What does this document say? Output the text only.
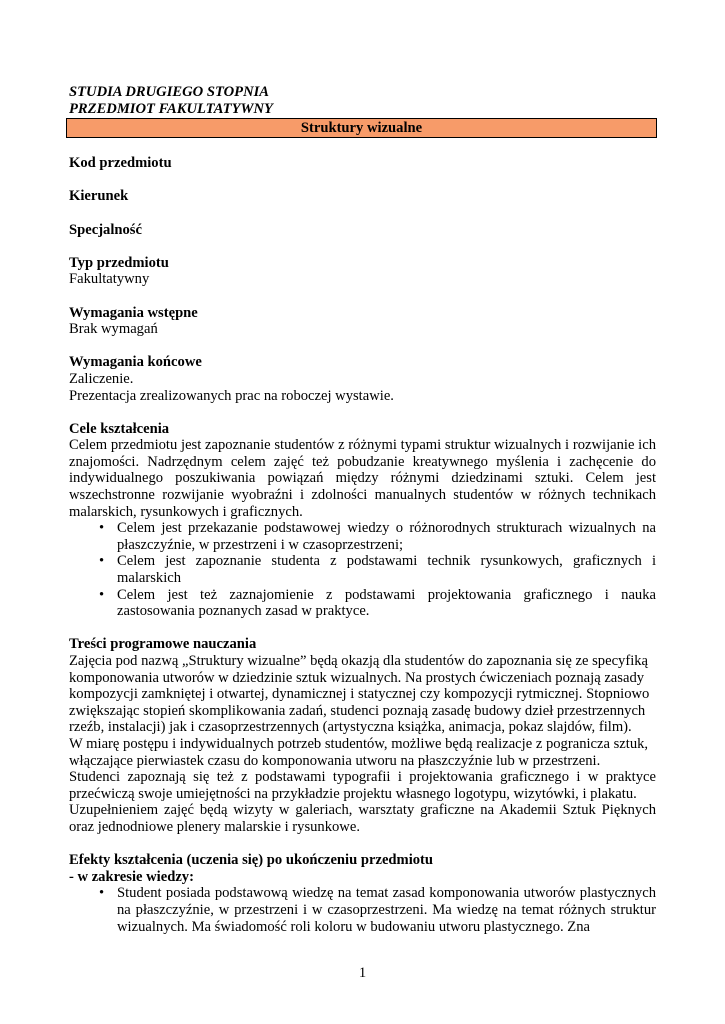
STUDIA DRUGIEGO STOPNIA
PRZEDMIOT FAKULTATYWNY
Struktury wizualne
Kod przedmiotu
Kierunek
Specjalność
Typ przedmiotu
Fakultatywny
Wymagania wstępne
Brak wymagań
Wymagania końcowe
Zaliczenie.
Prezentacja zrealizowanych prac na roboczej wystawie.
Cele kształcenia

Celem przedmiotu jest zapoznanie studentów z różnymi typami struktur wizualnych i rozwijanie ich znajomości. Nadrzędnym celem zajęć też pobudzanie kreatywnego myślenia i zachęcenie do indywidualnego poszukiwania powiązań między różnymi dziedzinami sztuki. Celem jest wszechstronne rozwijanie wyobraźni i zdolności manualnych studentów w różnych technikach malarskich, rysunkowych i graficznych.

• Celem jest przekazanie podstawowej wiedzy o różnorodnych strukturach wizualnych na płaszczyźnie, w przestrzeni i w czasoprzestrzeni;
• Celem jest zapoznanie studenta z podstawami technik rysunkowych, graficznych i malarskich
• Celem jest też zaznajomienie z podstawami projektowania graficznego i nauka zastosowania poznanych zasad w praktyce.
Treści programowe nauczania

Zajęcia pod nazwą „Struktury wizualne” będą okazją dla studentów do zapoznania się ze specyfiką komponowania utworów w dziedzinie sztuk wizualnych. Na prostych ćwiczeniach poznają zasady kompozycji zamkniętej i otwartej, dynamicznej i statycznej czy kompozycji rytmicznej. Stopniowo zwiększając stopień skomplikowania zadań, studenci poznają zasadę budowy dzieł przestrzennych rzeźb, instalacji) jak i czasoprzestrzennych (artystyczna książka, animacja, pokaz slajdów, film).

W miarę postępu i indywidualnych potrzeb studentów, możliwe będą realizacje z pogranicza sztuk, włączające pierwiastek czasu do komponowania utworu na płaszczyźnie lub w przestrzeni.

Studenci zapoznają się też z podstawami typografii i projektowania graficznego i w praktyce przećwiczą swoje umiejętności na przykładzie projektu własnego logotypu, wizytówki, i plakatu.

Uzupełnieniem zajęć będą wizyty w galeriach, warsztaty graficzne na Akademii Sztuk Pięknych oraz jednodniowe plenery malarskie i rysunkowe.

Efekty kształcenia (uczenia się) po ukończeniu przedmiotu
- w zakresie wiedzy:
• Student posiada podstawową wiedzę na temat zasad komponowania utworów plastycznych na płaszczyźnie, w przestrzeni i w czasoprzestrzeni. Ma wiedzę na temat różnych struktur wizualnych. Ma świadomość roli koloru w budowaniu utworu plastycznego. Zna
1
